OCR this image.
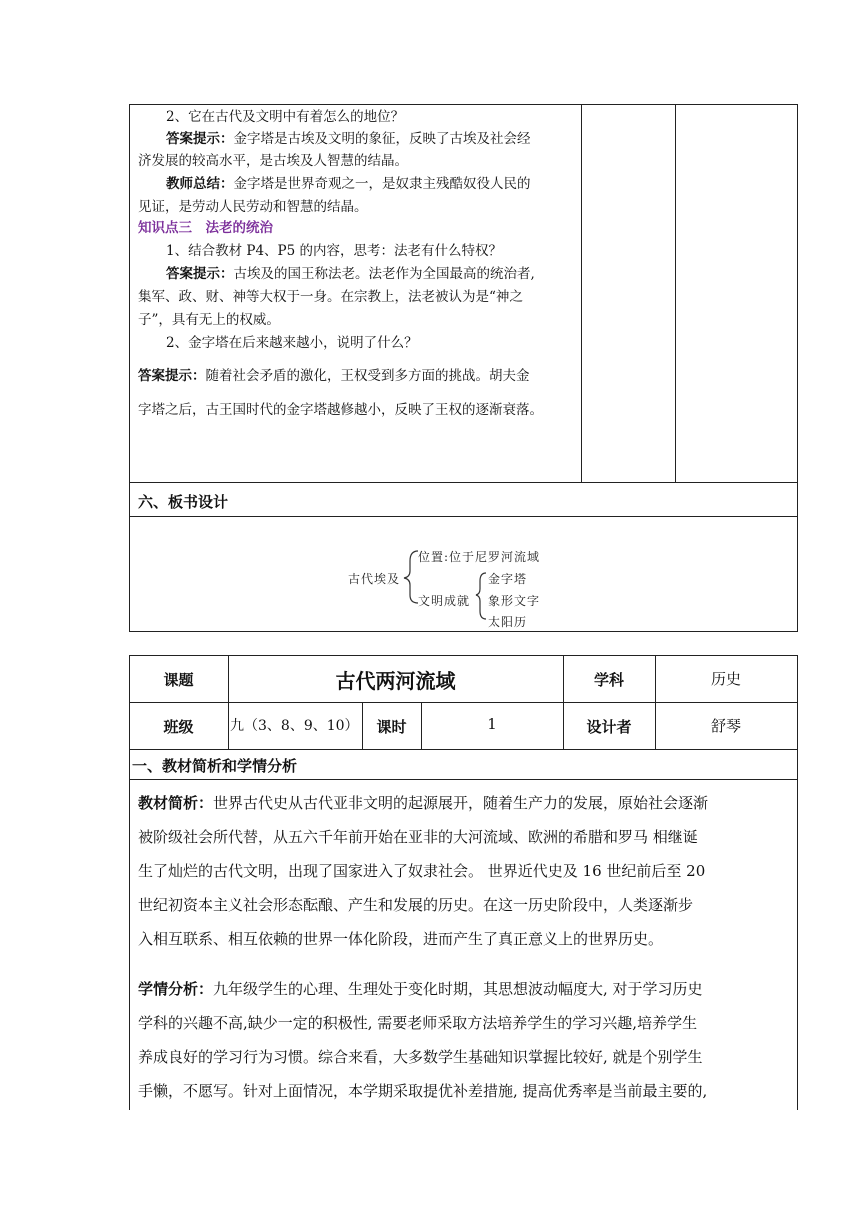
2、它在古代及文明中有着怎么的地位？
答案提示：金字塔是古埃及文明的象征，反映了古埃及社会经
济发展的较高水平，是古埃及人智慧的结晶。
教师总结：金字塔是世界奇观之一，是奴隶主残酷奴役人民的
见证，是劳动人民劳动和智慧的结晶。
知识点三　法老的统治
1、结合教材 P4、P5 的内容，思考：法老有什么特权？
答案提示：古埃及的国王称法老。法老作为全国最高的统治者,
集军、政、财、神等大权于一身。在宗教上，法老被认为是“神之
子”，具有无上的权威。
2、金字塔在后来越来越小，说明了什么？
答案提示：随着社会矛盾的激化，王权受到多方面的挑战。胡夫金
字塔之后，古王国时代的金字塔越修越小，反映了王权的逐渐衰落。
六、板书设计
古代埃及
位置:位于尼罗河流域
文明成就
金字塔
象形文字
太阳历
课题	古代两河流域	学科	历史
班级	九（3、8、9、10）	课时	1	设计者	舒琴
一、教材简析和学情分析
教材简析：世界古代史从古代亚非文明的起源展开，随着生产力的发展，原始社会逐渐
被阶级社会所代替，从五六千年前开始在亚非的大河流域、欧洲的希腊和罗马 相继诞
生了灿烂的古代文明，出现了国家进入了奴隶社会。 世界近代史及 16 世纪前后至 20
世纪初资本主义社会形态酝酿、产生和发展的历史。在这一历史阶段中，人类逐渐步
入相互联系、相互依赖的世界一体化阶段，进而产生了真正意义上的世界历史。
学情分析：九年级学生的心理、生理处于变化时期，其思想波动幅度大, 对于学习历史
学科的兴趣不高,缺少一定的积极性, 需要老师采取方法培养学生的学习兴趣,培养学生
养成良好的学习行为习惯。综合来看，大多数学生基础知识掌握比较好, 就是个别学生
手懒，不愿写。针对上面情况，本学期采取提优补差措施, 提高优秀率是当前最主要的,
